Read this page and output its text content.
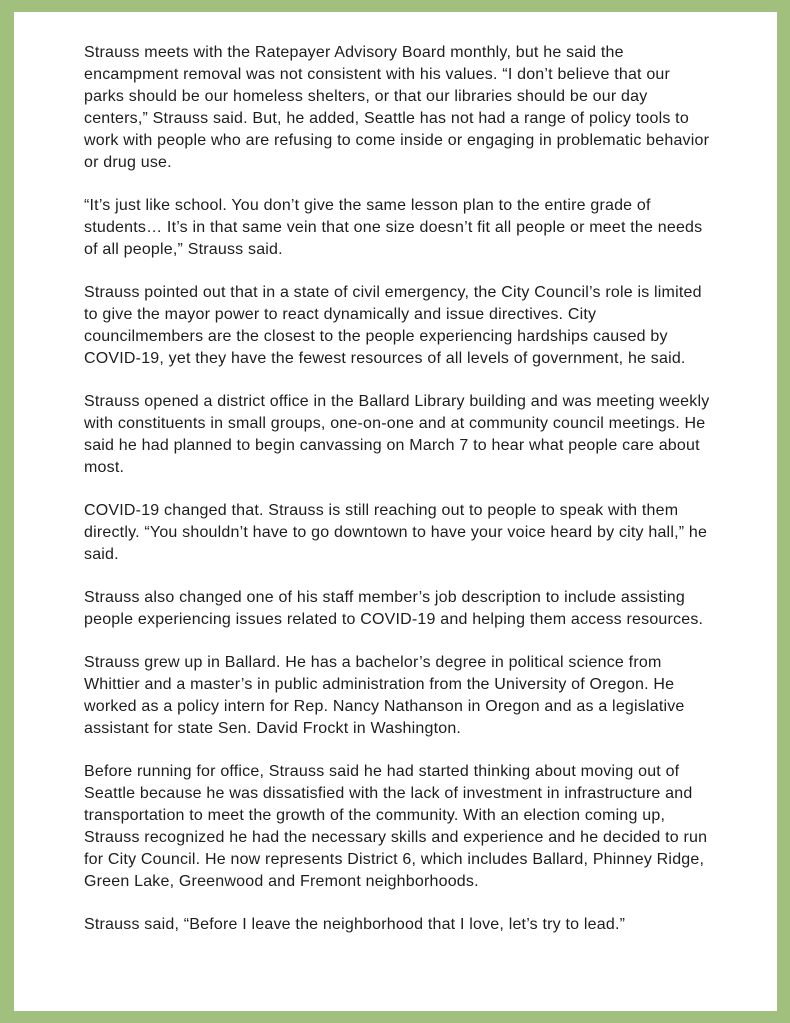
Strauss meets with the Ratepayer Advisory Board monthly, but he said the encampment removal was not consistent with his values. “I don’t believe that our parks should be our homeless shelters, or that our libraries should be our day centers,” Strauss said. But, he added, Seattle has not had a range of policy tools to work with people who are refusing to come inside or engaging in problematic behavior or drug use.

“It’s just like school. You don’t give the same lesson plan to the entire grade of students… It’s in that same vein that one size doesn’t fit all people or meet the needs of all people,” Strauss said.

Strauss pointed out that in a state of civil emergency, the City Council’s role is limited to give the mayor power to react dynamically and issue directives. City councilmembers are the closest to the people experiencing hardships caused by COVID-19, yet they have the fewest resources of all levels of government, he said.

Strauss opened a district office in the Ballard Library building and was meeting weekly with constituents in small groups, one-on-one and at community council meetings. He said he had planned to begin canvassing on March 7 to hear what people care about most.

COVID-19 changed that. Strauss is still reaching out to people to speak with them directly. “You shouldn’t have to go downtown to have your voice heard by city hall,” he said.

Strauss also changed one of his staff member’s job description to include assisting people experiencing issues related to COVID-19 and helping them access resources.

Strauss grew up in Ballard. He has a bachelor’s degree in political science from Whittier and a master’s in public administration from the University of Oregon. He worked as a policy intern for Rep. Nancy Nathanson in Oregon and as a legislative assistant for state Sen. David Frockt in Washington.

Before running for office, Strauss said he had started thinking about moving out of Seattle because he was dissatisfied with the lack of investment in infrastructure and transportation to meet the growth of the community. With an election coming up, Strauss recognized he had the necessary skills and experience and he decided to run for City Council. He now represents District 6, which includes Ballard, Phinney Ridge, Green Lake, Greenwood and Fremont neighborhoods.

Strauss said, “Before I leave the neighborhood that I love, let’s try to lead.”
